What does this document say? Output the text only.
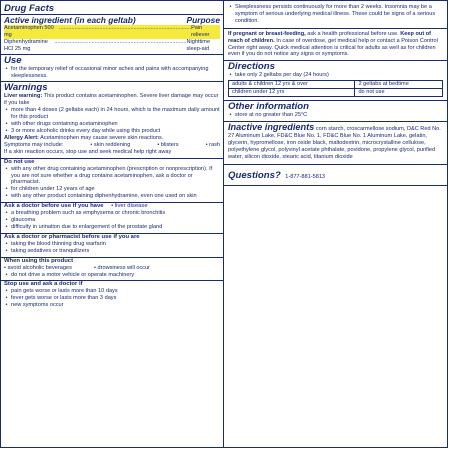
Drug Facts
Active ingredient (in each geltab)	Purpose
Acetaminophen 500 mg
..................................................................................... Pain reliever
Diphenhydramine HCl 25 mg
..................................................................................... Nighttime sleep-aid
Use
• for the temporary relief of occasional minor aches and pains with accompanying sleeplessness.
Warnings
Liver warning: This product contains acetaminophen. Severe liver damage may occur if you take
• more than 4 doses (2 geltabs each) in 24 hours, which is the maximum daily amount for this product
• with other drugs containing acetaminophen
• 3 or more alcoholic drinks every day while using this product
Allergy Alert: Acetaminophen may cause severe skin reactions.
Symptoms may include:	• skin reddening	• blisters	• rash
If a skin reaction occurs, stop use and seek medical help right away
Do not use
• with any other drug containing acetaminophen (prescription or nonprescription). If you are not sure whether a drug contains acetaminophen, ask a doctor or pharmacist.
• for children under 12 years of age
• with any other product containing diphenhydramine, even one used on skin
Ask a doctor before use if you have • liver disease
• a breathing problem such as emphysema or chronic bronchitis
• glaucoma
• difficulty in urination due to enlargement of the prostate gland
Ask a doctor or pharmacist before use if you are
• taking the blood thinning drug warfarin
• taking sedatives or tranquilizers
When using this product
• avoid alcoholic beverages	• drowsiness will occur
• do not drive a motor vehicle or operate machinery
Stop use and ask a doctor if
• pain gets worse or lasts more than 10 days
• fever gets worse or lasts more than 3 days
• new symptoms occur
• Sleeplessness persists continuously for more than 2 weeks. Insomnia may be a symptom of serious underlying medical illness. These could be signs of a serious condition.
If pregnant or breast-feeding, ask a health professional before use. Keep out of reach of children. In case of overdose, get medical help or contact a Poison Control Center right away. Quick medical attention is critical for adults as well as for children even if you do not notice any signs or symptoms.
Directions
• take only 2 geltabs per day (24 hours)
adults & children 12 yrs & over	2 geltabs at bedtime
children under 12 yrs	do not use
Other information
• store at no greater than 25°C
Inactive ingredients corn starch, croscarmellose sodium, D&C Red No. 27 Aluminum Lake, FD&C Blue No. 1, FD&C Blue No. 1 Aluminum Lake, gelatin, glycerin, hypromellose, iron oxide black, maltodextrin, microcrystalline cellulose, polyethylene glycol, polyvinyl acetate phthalate, povidone, propylene glycol, purified water, silicon dioxide, stearic acid, titanium dioxide
Questions? 1-877-881-5813
